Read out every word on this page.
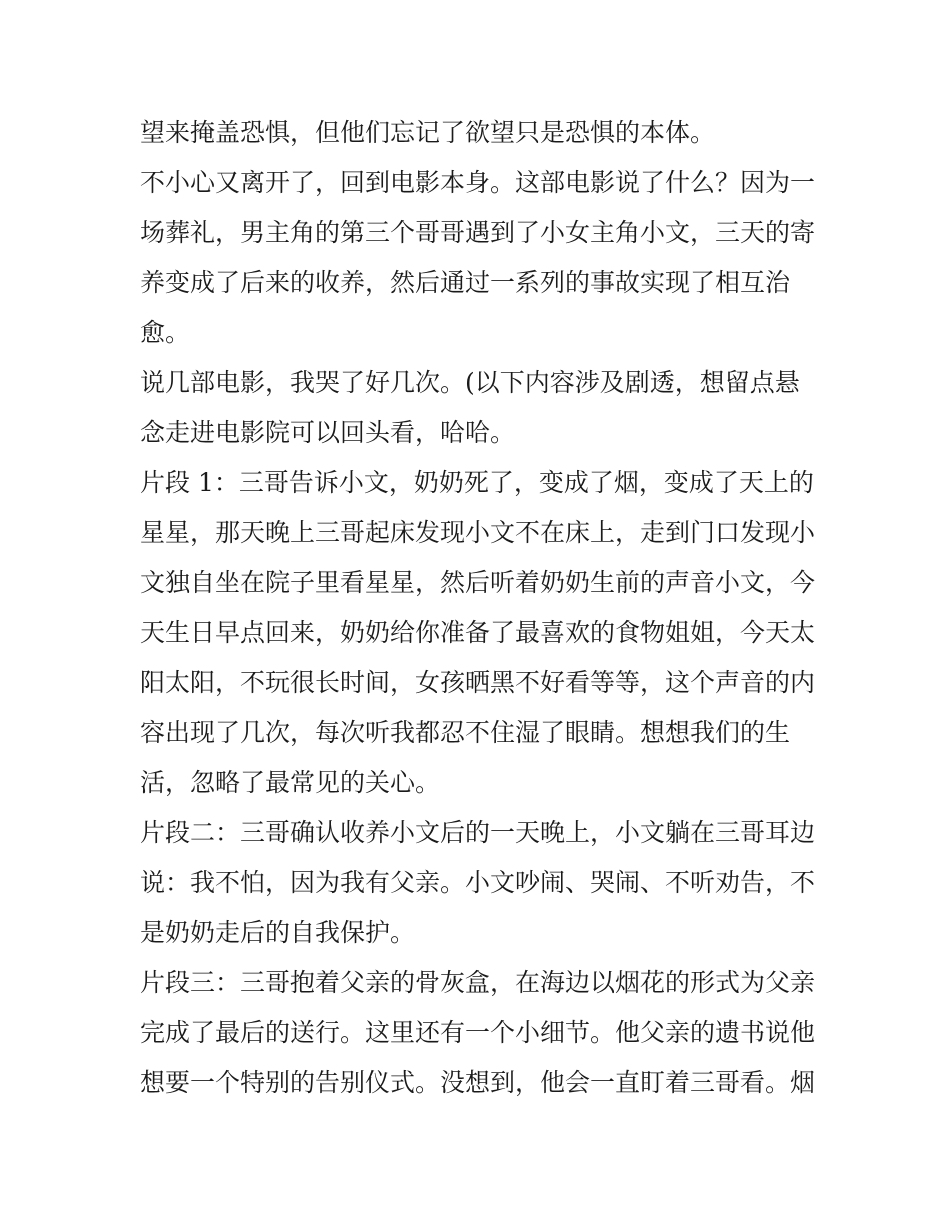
望来掩盖恐惧，但他们忘记了欲望只是恐惧的本体。
不小心又离开了，回到电影本身。这部电影说了什么？因为一
场葬礼，男主角的第三个哥哥遇到了小女主角小文，三天的寄
养变成了后来的收养，然后通过一系列的事故实现了相互治
愈。
说几部电影，我哭了好几次。(以下内容涉及剧透，想留点悬
念走进电影院可以回头看，哈哈。
片段 1：三哥告诉小文，奶奶死了，变成了烟，变成了天上的
星星，那天晚上三哥起床发现小文不在床上，走到门口发现小
文独自坐在院子里看星星，然后听着奶奶生前的声音小文，今
天生日早点回来，奶奶给你准备了最喜欢的食物姐姐，今天太
阳太阳，不玩很长时间，女孩晒黑不好看等等，这个声音的内
容出现了几次，每次听我都忍不住湿了眼睛。想想我们的生
活，忽略了最常见的关心。
片段二：三哥确认收养小文后的一天晚上，小文躺在三哥耳边
说：我不怕，因为我有父亲。小文吵闹、哭闹、不听劝告，不
是奶奶走后的自我保护。
片段三：三哥抱着父亲的骨灰盒，在海边以烟花的形式为父亲
完成了最后的送行。这里还有一个小细节。他父亲的遗书说他
想要一个特别的告别仪式。没想到，他会一直盯着三哥看。烟
